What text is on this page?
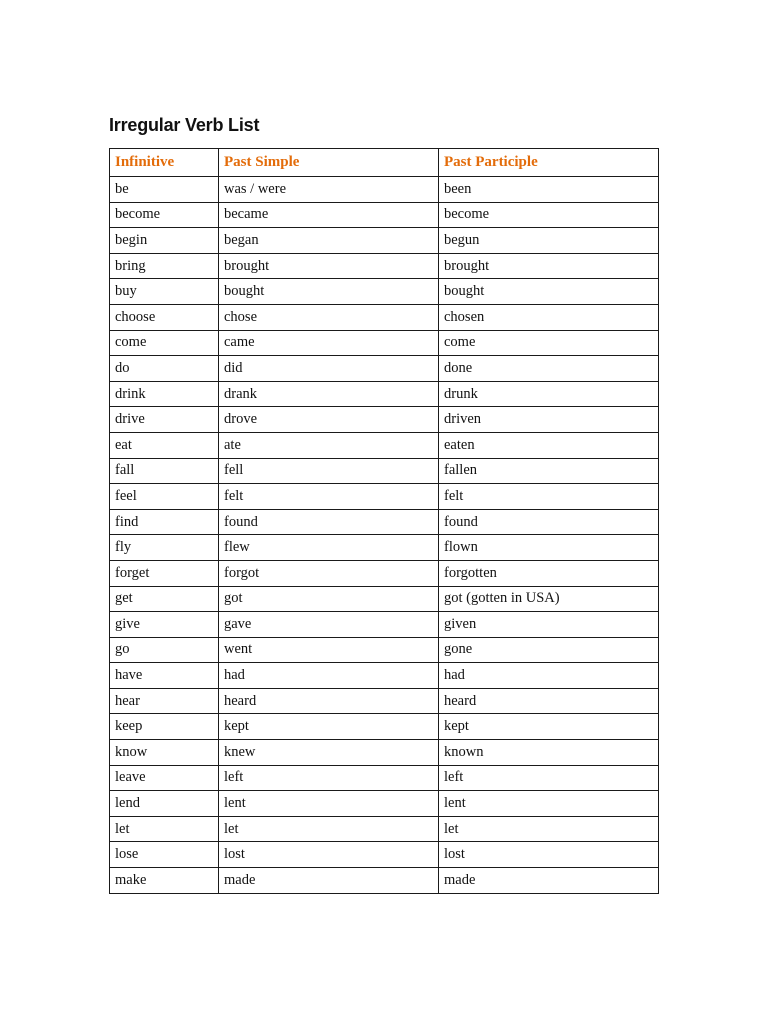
Irregular Verb List
Infinitive	Past Simple	Past Participle
be	was / were	been
become	became	become
begin	began	begun
bring	brought	brought
buy	bought	bought
choose	chose	chosen
come	came	come
do	did	done
drink	drank	drunk
drive	drove	driven
eat	ate	eaten
fall	fell	fallen
feel	felt	felt
find	found	found
fly	flew	flown
forget	forgot	forgotten
get	got	got (gotten in USA)
give	gave	given
go	went	gone
have	had	had
hear	heard	heard
keep	kept	kept
know	knew	known
leave	left	left
lend	lent	lent
let	let	let
lose	lost	lost
make	made	made
